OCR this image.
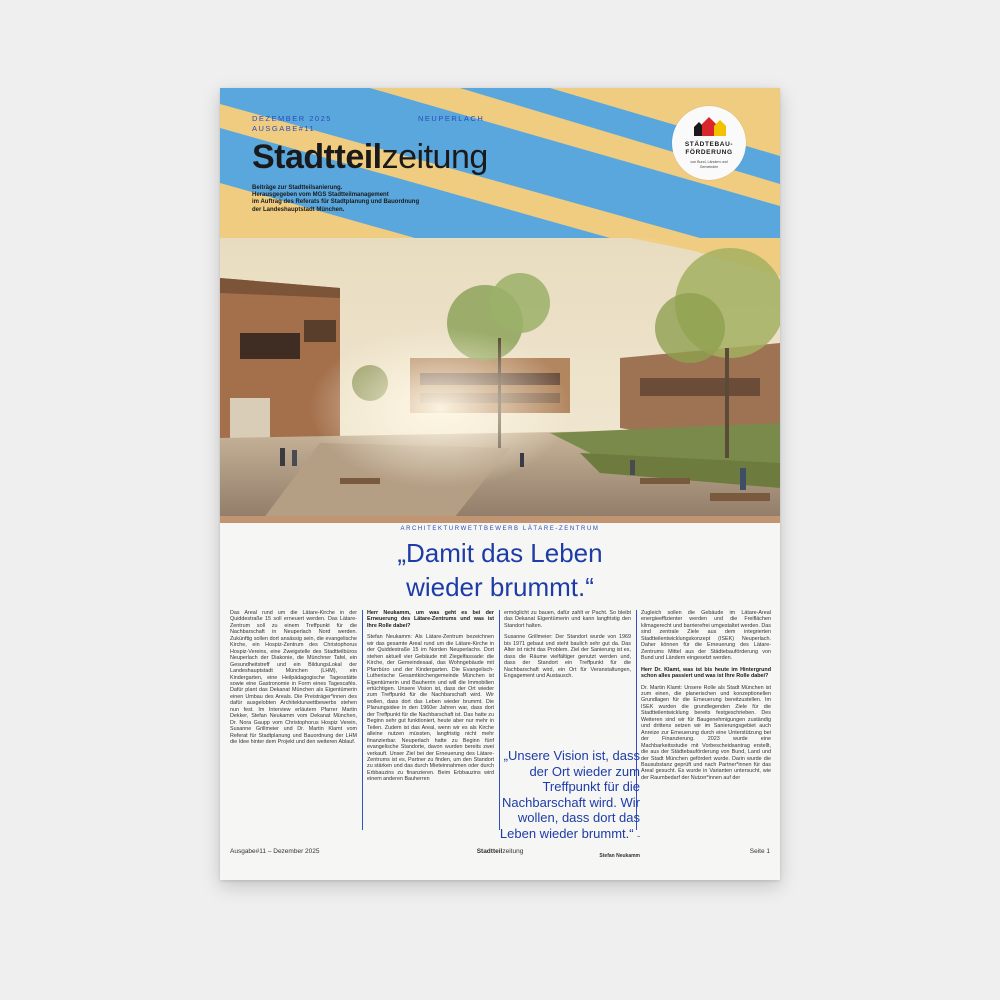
DEZEMBER 2025
AUSGABE#11
NEUPERLACH
Stadtteilzeitung
Beiträge zur Stadtteilsanierung.
Herausgegeben vom MGS Stadtteilmanagement
im Auftrag des Referats für Stadtplanung und Bauordnung
der Landeshauptstadt München.
STÄDTEBAU-
FÖRDERUNG
von Bund, Ländern und
Gemeinden
ARCHITEKTURWETTBEWERB LÄTARE-ZENTRUM
„Damit das Leben
wieder brummt.“

Das Areal rund um die Lätare-Kirche in der Quiddestraße 15 soll erneuert werden. Das Lätare-Zentrum soll zu einem Treffpunkt für die Nachbarschaft in Neuperlach Nord werden. Zukünftig sollen dort ansässig sein, die evangelische Kirche, ein Hospiz-Zentrum des Christophorus Hospiz-Vereins, eine Zweigstelle des Stadtteilbüros Neuperlach der Diakonie, die Münchner Tafel, ein Gesundheitstreff und ein BildungsLokal der Landeshauptstadt München (LHM), ein Kindergarten, eine Heilpädagogische Tagesstätte sowie eine Gastronomie in Form eines Tagescafés. Dafür plant das Dekanat München als Eigentümerin einen Umbau des Areals. Die Preisträger*innen des dafür ausgelobten Architekturwettbewerbs stehen nun fest. Im Interview erläutern Pfarrer Martin Dekker, Stefan Neukamm vom Dekanat München, Dr. Nora Gaupp vom Christophorus Hospiz Verein, Susanne Grillmeier und Dr. Martin Klamt vom Referat für Stadtplanung und Bauordnung der LHM die Idee hinter dem Projekt und den weiteren Ablauf.

Herr Neukamm, um was geht es bei der Erneuerung des Lätare-Zentrums und was ist Ihre Rolle dabei?

Stefan Neukamm: Als Lätare-Zentrum bezeichnen wir das gesamte Areal rund um die Lätare-Kirche in der Quiddestraße 15 im Norden Neuperlachs. Dort stehen aktuell vier Gebäude mit Ziegelfassade: die Kirche, der Gemeindesaal, das Wohngebäude mit Pfarrbüro und der Kindergarten. Die Evangelisch-Lutherische Gesamtkirchengemeinde München ist Eigentümerin und Bauherrin und will die Immobilien ertüchtigen. Unsere Vision ist, dass der Ort wieder zum Treffpunkt für die Nachbarschaft wird. Wir wollen, dass dort das Leben wieder brummt. Die Planungsidee in den 1960er Jahren war, dass dort der Treffpunkt für die Nachbarschaft ist. Das hatte zu Beginn sehr gut funktioniert, heute aber nur mehr in Teilen. Zudem ist das Areal, wenn wir es als Kirche alleine nutzen müssten, langfristig nicht mehr finanzierbar. Neuperlach hatte zu Beginn fünf evangelische Standorte, davon wurden bereits zwei verkauft. Unser Ziel bei der Erneuerung des Lätare-Zentrums ist es, Partner zu finden, um den Standort zu stärken und das durch Mieteinnahmen oder durch Erbbauzins zu finanzieren. Beim Erbbauzins wird einem anderen Bauherren

ermöglicht zu bauen, dafür zahlt er Pacht. So bleibt das Dekanat Eigentümerin und kann langfristig den Standort halten.

Susanne Grillmeier: Der Standort wurde von 1969 bis 1971 gebaut und steht baulich sehr gut da. Das Alter ist nicht das Problem. Ziel der Sanierung ist es, dass die Räume vielfältiger genutzt werden und, dass der Standort ein Treffpunkt für die Nachbarschaft wird, ein Ort für Veranstaltungen, Engagement und Austausch.

„Unsere Vision ist, dass der Ort wieder zum Treffpunkt für die Nachbarschaft wird. Wir wollen, dass dort das Leben wieder brummt.“ – Stefan Neukamm

Zugleich sollen die Gebäude im Lätare-Areal energieeffizienter werden und die Freiflächen klimagerecht und barrierefrei umgestaltet werden. Das sind zentrale Ziele aus dem integrierten Stadtteilentwicklungskonzept (ISEK) Neuperlach. Daher können für die Erneuerung des Lätare-Zentrums Mittel aus der Städtebauförderung von Bund und Ländern eingesetzt werden.

Herr Dr. Klamt, was ist bis heute im Hintergrund schon alles passiert und was ist Ihre Rolle dabei?

Dr. Martin Klamt: Unsere Rolle als Stadt München ist zum einen, die planerischen und konzeptionellen Grundlagen für die Erneuerung bereitzustellen. Im ISEK wurden die grundlegenden Ziele für die Stadtteilentwicklung bereits festgeschrieben. Des Weiteren sind wir für Baugenehmigungen zuständig und drittens setzen wir im Sanierungsgebiet auch Anreize zur Erneuerung durch eine Unterstützung bei der Finanzierung. 2023 wurde eine Machbarkeitsstudie mit Vorbescheidsantrag erstellt, die aus der Städtebauförderung von Bund, Land und der Stadt München gefördert wurde. Darin wurde die Bausubstanz geprüft und nach Partner*innen für das Areal gesucht. Es wurde in Varianten untersucht, wie der Raumbedarf der Nutzer*innen auf der

Ausgabe#11 – Dezember 2025	Stadtteilzeitung	Seite 1
